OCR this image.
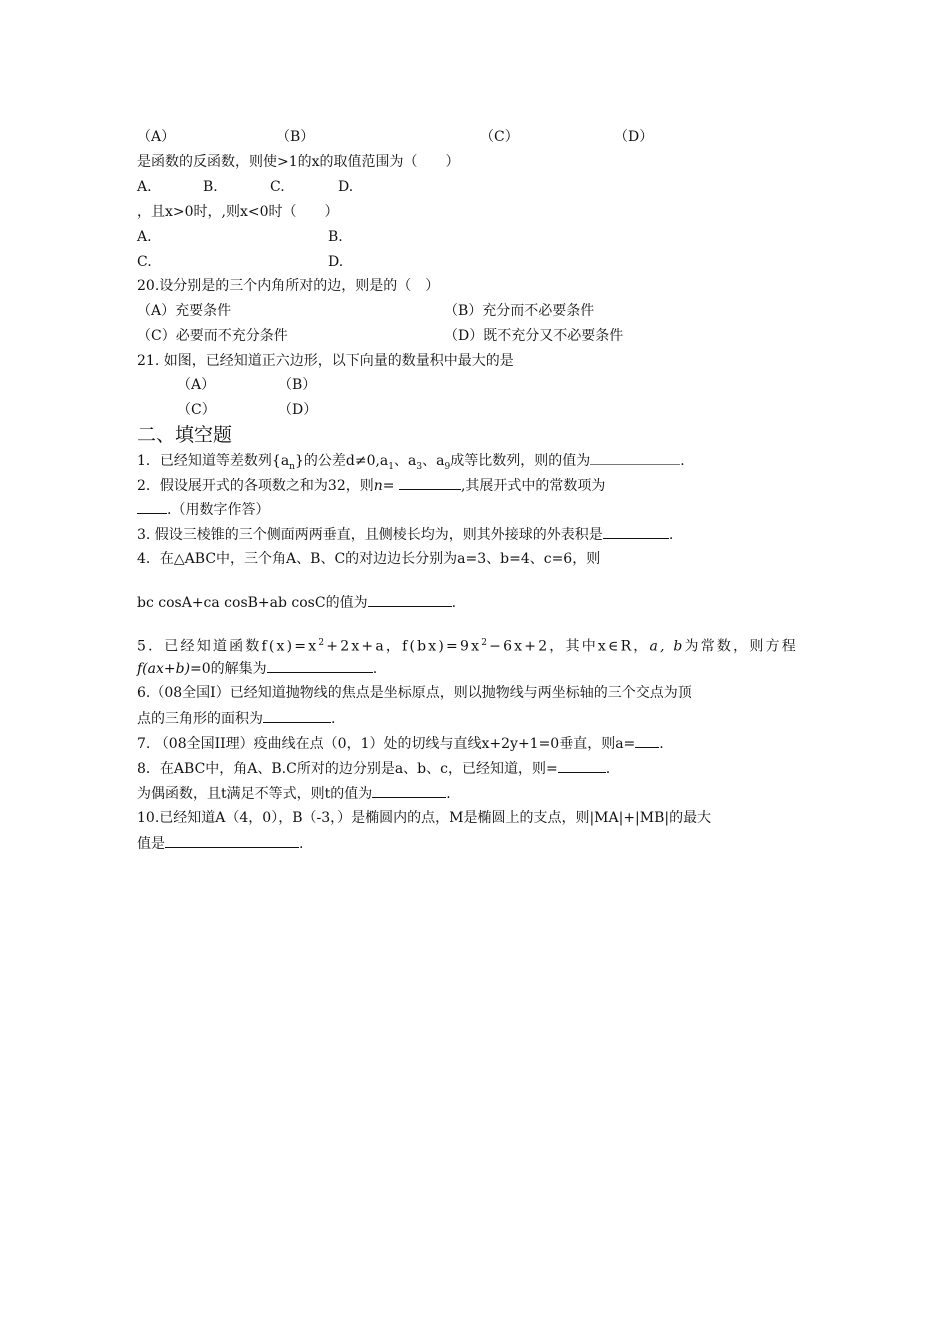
（A）	（B）	（C）	（D）
是函数的反函数，则使>1的x的取值范围为（　　）
A.	B.	C.	D.
，且x>0时，,则x<0时（　　）
A.	B.
C.	D.
20.设分别是的三个内角所对的边，则是的（　）
（A）充要条件	（B）充分而不必要条件
（C）必要而不充分条件	（D）既不充分又不必要条件
21. 如图，已经知道正六边形，以下向量的数量积中最大的是
（A）	（B）
（C）	（D）
二、填空题
1．已经知道等差数列$\{a_n\}$的公差$d\ne 0,a_1$、$a_3$、$a_9$成等比数列，则的值为	.
2．假设展开式的各项数之和为32，则n=	,其展开式中的常数项为
.（用数字作答）
3. 假设三棱锥的三个侧面两两垂直，且侧棱长均为，则其外接球的外表积是	.
4．在△ABC中，三个角A、B、C的对边边长分别为a=3、b=4、c=6，则
bc cosA+ca cosB+ab cosC的值为	.
5．已经知道函数$f(x)=x^2+2x+a$，$f(bx)=9x^2-6x+2$，其中x∈R，a, b为常数，则方程
f(ax+b)=0的解集为	.
6.（08全国Ⅰ）已经知道抛物线的焦点是坐标原点，则以抛物线与两坐标轴的三个交点为顶
点的三角形的面积为	.
7. （08全国II理）疫曲线在点（0，1）处的切线与直线x+2y+1=0垂直，则a= .
8．在ABC中，角A、B.C所对的边分别是a、b、c，已经知道，则=	.
为偶函数，且t满足不等式，则t的值为	.
10.已经知道A（4，0），B（-3，）是椭圆内的点，M是椭圆上的支点，则|MA|+|MB|的最大
值是	.
